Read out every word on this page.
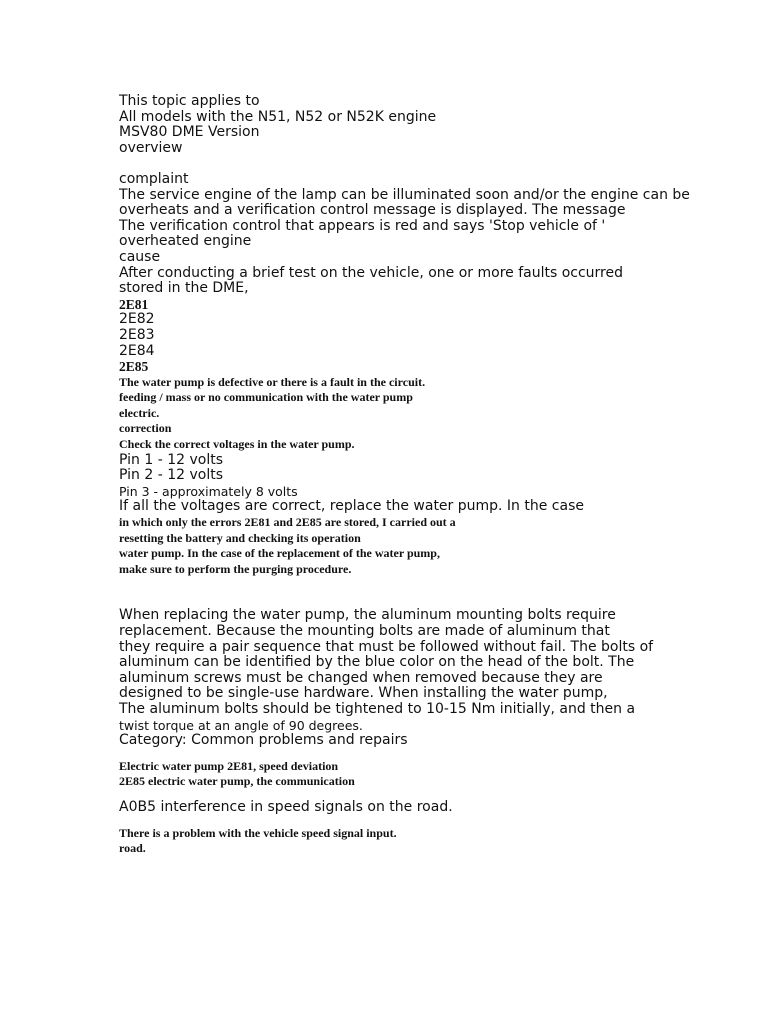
This topic applies to
All models with the N51, N52 or N52K engine
MSV80 DME Version
overview
complaint
The service engine of the lamp can be illuminated soon and/or the engine can be
overheats and a verification control message is displayed. The message
The verification control that appears is red and says 'Stop vehicle of '
overheated engine
cause
After conducting a brief test on the vehicle, one or more faults occurred
stored in the DME,
2E81
2E82
2E83
2E84
2E85
The water pump is defective or there is a fault in the circuit.
feeding / mass or no communication with the water pump
electric.
correction
Check the correct voltages in the water pump.
Pin 1 - 12 volts
Pin 2 - 12 volts
Pin 3 - approximately 8 volts
If all the voltages are correct, replace the water pump. In the case
in which only the errors 2E81 and 2E85 are stored, I carried out a
resetting the battery and checking its operation
water pump. In the case of the replacement of the water pump,
make sure to perform the purging procedure.
When replacing the water pump, the aluminum mounting bolts require
replacement. Because the mounting bolts are made of aluminum that
they require a pair sequence that must be followed without fail. The bolts of
aluminum can be identified by the blue color on the head of the bolt. The
aluminum screws must be changed when removed because they are
designed to be single-use hardware. When installing the water pump,
The aluminum bolts should be tightened to 10-15 Nm initially, and then a
twist torque at an angle of 90 degrees.
Category: Common problems and repairs
Electric water pump 2E81, speed deviation
2E85 electric water pump, the communication
A0B5 interference in speed signals on the road.
There is a problem with the vehicle speed signal input.
road.
